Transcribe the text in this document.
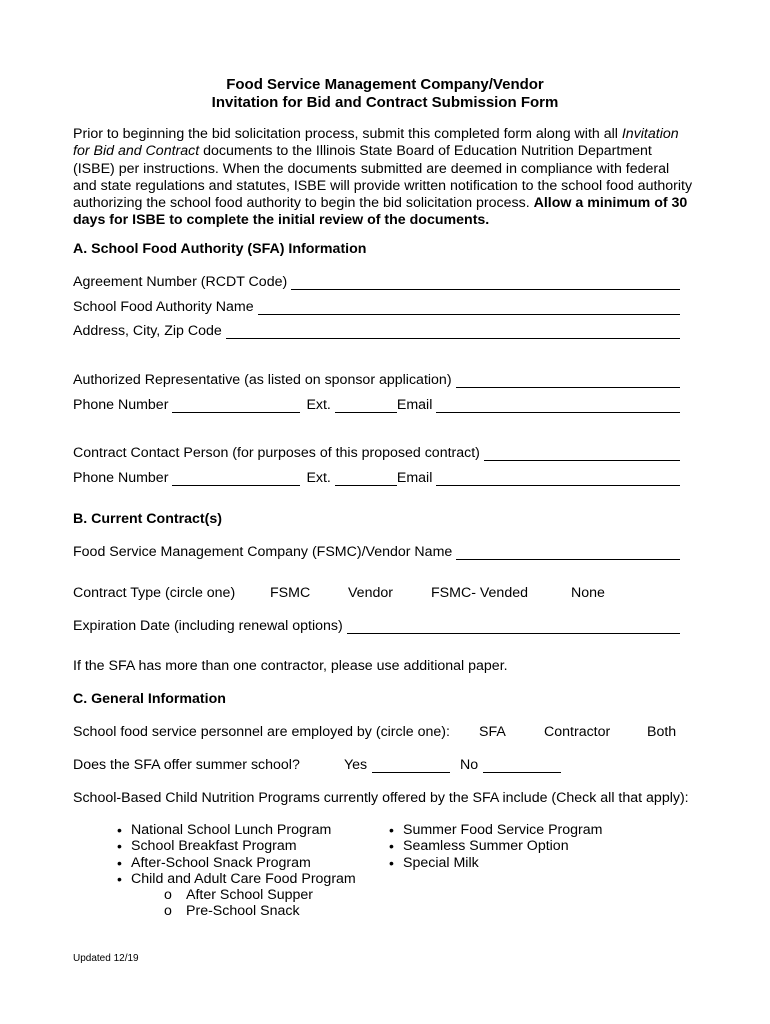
Food Service Management Company/Vendor
Invitation for Bid and Contract Submission Form
Prior to beginning the bid solicitation process, submit this completed form along with all Invitation for Bid and Contract documents to the Illinois State Board of Education Nutrition Department (ISBE) per instructions. When the documents submitted are deemed in compliance with federal and state regulations and statutes, ISBE will provide written notification to the school food authority authorizing the school food authority to begin the bid solicitation process. Allow a minimum of 30 days for ISBE to complete the initial review of the documents.
A. School Food Authority (SFA) Information
Agreement Number (RCDT Code)
School Food Authority Name
Address, City, Zip Code
Authorized Representative (as listed on sponsor application)
Phone Number	Ext.	Email
Contract Contact Person (for purposes of this proposed contract)
Phone Number	Ext.	Email
B. Current Contract(s)
Food Service Management Company (FSMC)/Vendor Name
Contract Type (circle one) FSMC	Vendor	FSMC- Vended	None
Expiration Date (including renewal options)
If the SFA has more than one contractor, please use additional paper.
C. General Information
School food service personnel are employed by (circle one): SFA	Contractor	Both
Does the SFA offer summer school?	Yes	No
School-Based Child Nutrition Programs currently offered by the SFA include (Check all that apply):
• National School Lunch Program
• School Breakfast Program
• After-School Snack Program
• Child and Adult Care Food Program
o After School Supper
o Pre-School Snack
• Summer Food Service Program
• Seamless Summer Option
• Special Milk
Updated 12/19
